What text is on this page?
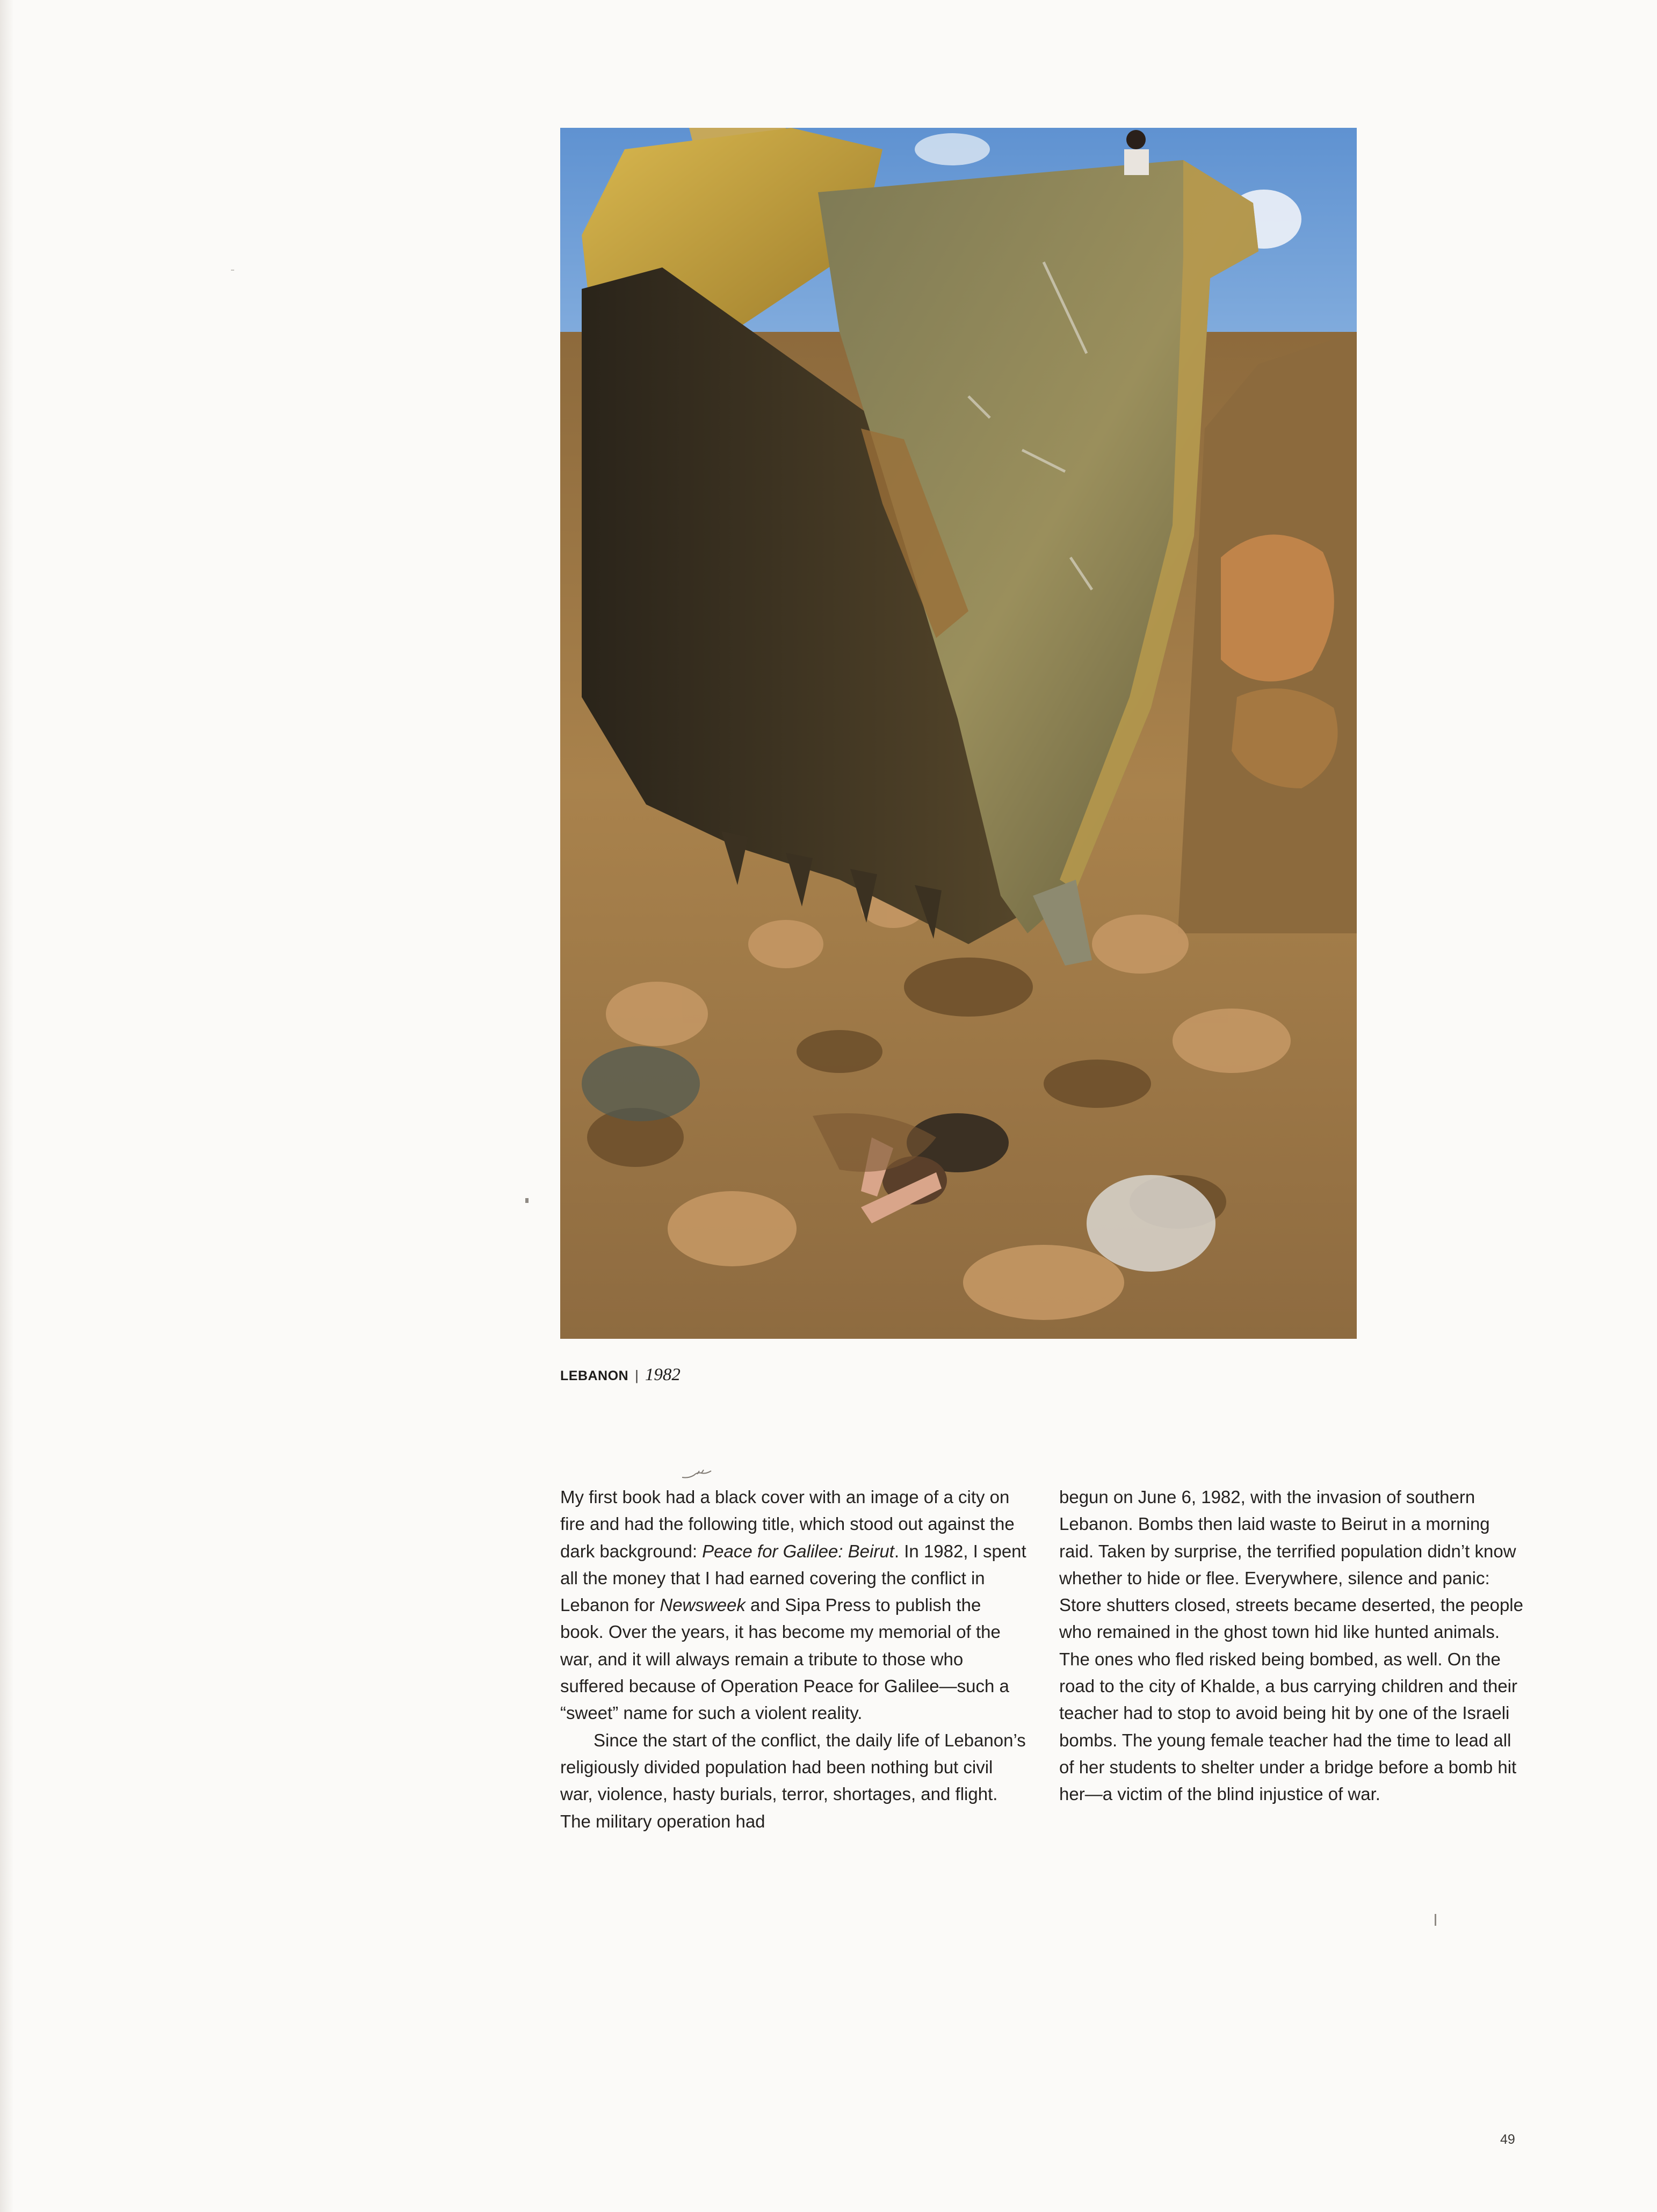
LEBANON | 1982

My first book had a black cover with an image of a city on fire and had the following title, which stood out against the dark background: Peace for Galilee: Beirut. In 1982, I spent all the money that I had earned covering the conflict in Lebanon for Newsweek and Sipa Press to publish the book. Over the years, it has become my memorial of the war, and it will always remain a tribute to those who suffered because of Operation Peace for Galilee—such a “sweet” name for such a violent reality.

Since the start of the conflict, the daily life of Lebanon’s religiously divided population had been nothing but civil war, violence, hasty burials, terror, shortages, and flight. The military operation had

begun on June 6, 1982, with the invasion of southern Lebanon. Bombs then laid waste to Beirut in a morning raid. Taken by surprise, the terrified population didn’t know whether to hide or flee. Everywhere, silence and panic: Store shutters closed, streets became deserted, the people who remained in the ghost town hid like hunted animals. The ones who fled risked being bombed, as well. On the road to the city of Khalde, a bus carrying children and their teacher had to stop to avoid being hit by one of the Israeli bombs. The young female teacher had the time to lead all of her students to shelter under a bridge before a bomb hit her—a victim of the blind injustice of war.

49
